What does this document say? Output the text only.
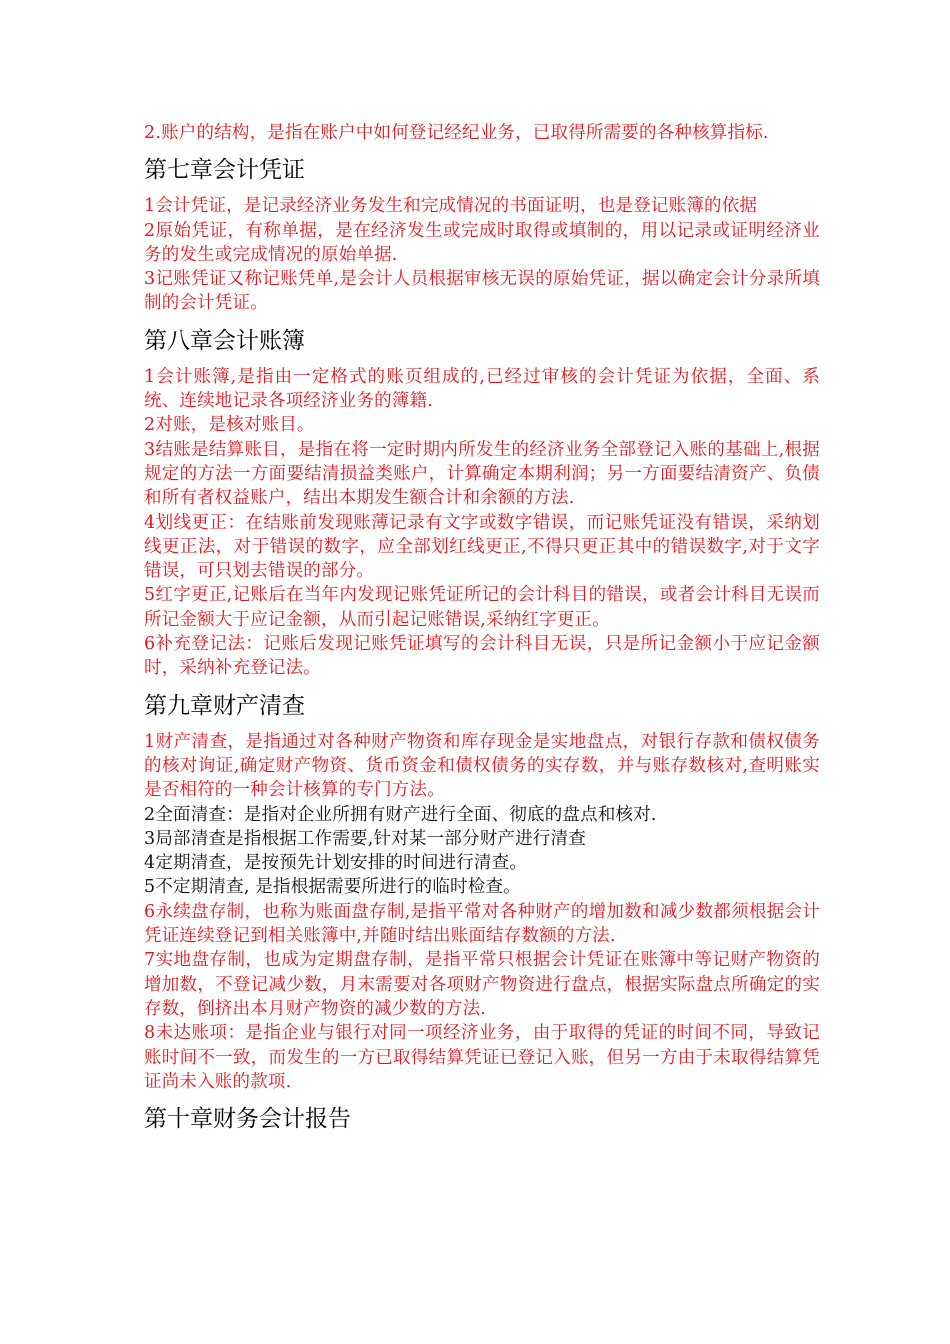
2.账户的结构，是指在账户中如何登记经纪业务，已取得所需要的各种核算指标.

第七章会计凭证

1会计凭证，是记录经济业务发生和完成情况的书面证明，也是登记账簿的依据

2原始凭证，有称单据，是在经济发生或完成时取得或填制的，用以记录或证明经济业务的发生或完成情况的原始单据.

3记账凭证又称记账凭单,是会计人员根据审核无误的原始凭证，据以确定会计分录所填制的会计凭证。

第八章会计账簿

1会计账簿,是指由一定格式的账页组成的,已经过审核的会计凭证为依据，全面、系统、连续地记录各项经济业务的簿籍.

2对账，是核对账目。

3结账是结算账目，是指在将一定时期内所发生的经济业务全部登记入账的基础上,根据规定的方法一方面要结清损益类账户，计算确定本期利润；另一方面要结清资产、负债和所有者权益账户，结出本期发生额合计和余额的方法.

4划线更正：在结账前发现账薄记录有文字或数字错误，而记账凭证没有错误，采纳划线更正法，对于错误的数字，应全部划红线更正,不得只更正其中的错误数字,对于文字错误，可只划去错误的部分。

5红字更正,记账后在当年内发现记账凭证所记的会计科目的错误，或者会计科目无误而所记金额大于应记金额，从而引起记账错误,采纳红字更正。

6补充登记法：记账后发现记账凭证填写的会计科目无误，只是所记金额小于应记金额时，采纳补充登记法。

第九章财产清查

1财产清查，是指通过对各种财产物资和库存现金是实地盘点，对银行存款和债权债务的核对询证,确定财产物资、货币资金和债权债务的实存数，并与账存数核对,查明账实是否相符的一种会计核算的专门方法。

2全面清查：是指对企业所拥有财产进行全面、彻底的盘点和核对.

3局部清查是指根据工作需要,针对某一部分财产进行清查

4定期清查，是按预先计划安排的时间进行清查。

5不定期清查, 是指根据需要所进行的临时检查。

6永续盘存制，也称为账面盘存制,是指平常对各种财产的增加数和减少数都须根据会计凭证连续登记到相关账簿中,并随时结出账面结存数额的方法.

7实地盘存制，也成为定期盘存制，是指平常只根据会计凭证在账簿中等记财产物资的增加数，不登记减少数，月末需要对各项财产物资进行盘点，根据实际盘点所确定的实存数，倒挤出本月财产物资的减少数的方法.

8未达账项：是指企业与银行对同一项经济业务，由于取得的凭证的时间不同，导致记账时间不一致，而发生的一方已取得结算凭证已登记入账，但另一方由于未取得结算凭证尚未入账的款项.

第十章财务会计报告
